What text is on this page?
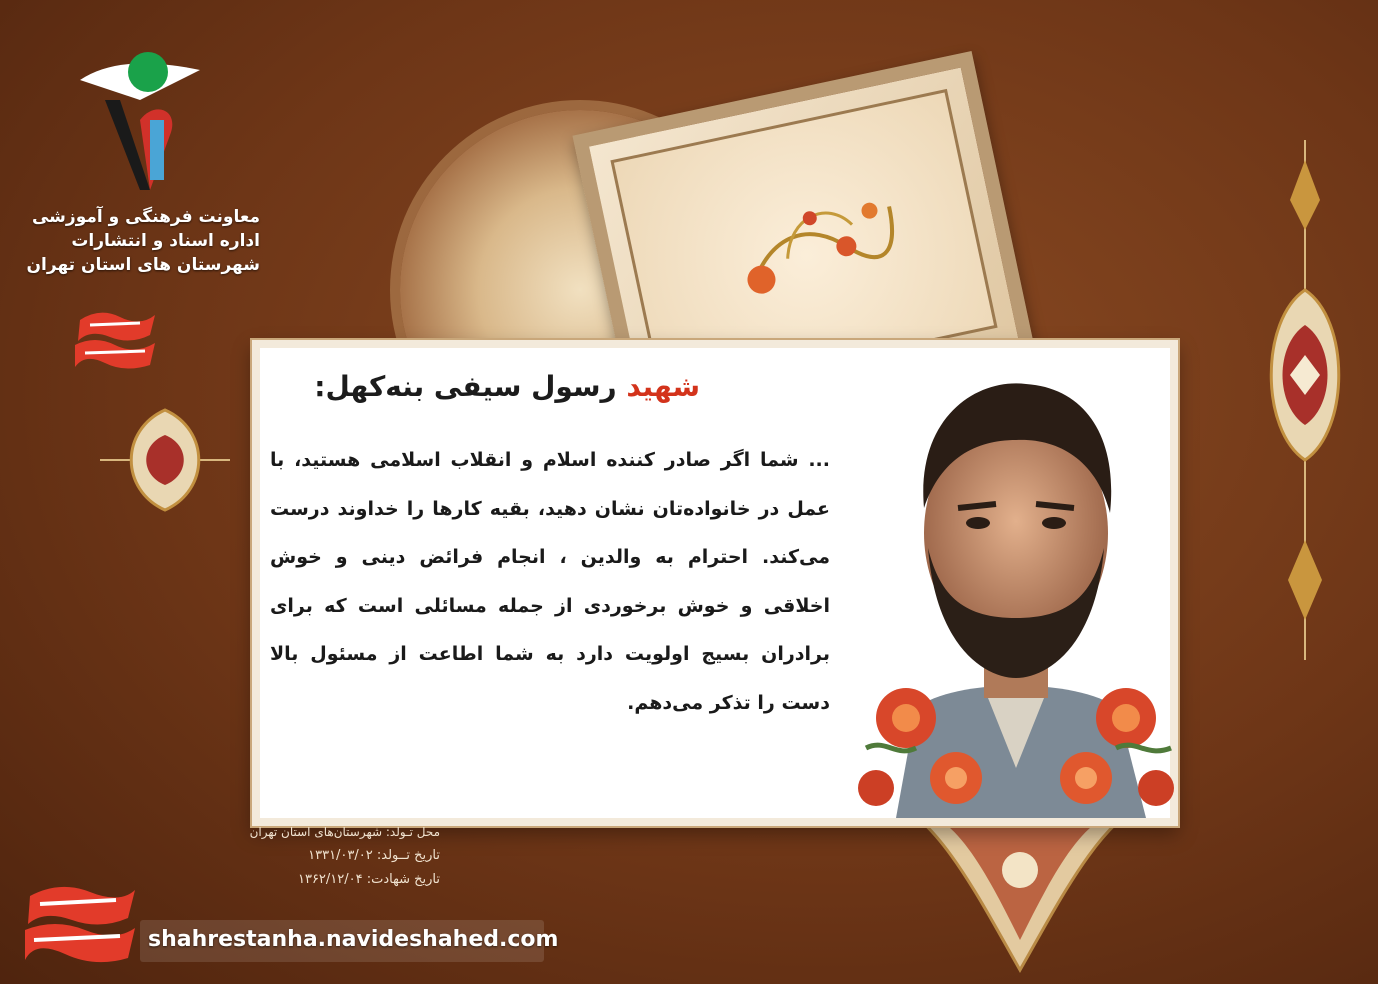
معاونت فرهنگی و آموزشی
اداره اسناد و انتشارات
شهرستان های استان تهران
شهید رسول سیفی بنه‌کهل:
... شما اگر صادر کننده اسلام و انقلاب اسلامی هستید، با عمل در خانواده‌تان نشان دهید، بقیه کارها را خداوند درست می‌کند. احترام به والدین ، انجام فرائض دینی و خوش اخلاقی و خوش برخوردی از جمله مسائلی است که برای برادران بسیج اولویت دارد به شما اطاعت از مسئول بالا دست را تذکر می‌دهم.
محل تـولد: شهرستان‌های استان تهران
تاریخ تــولد: ۱۳۳۱/۰۳/۰۲
تاریخ شهادت: ۱۳۶۲/۱۲/۰۴
shahrestanha.navideshahed.com
